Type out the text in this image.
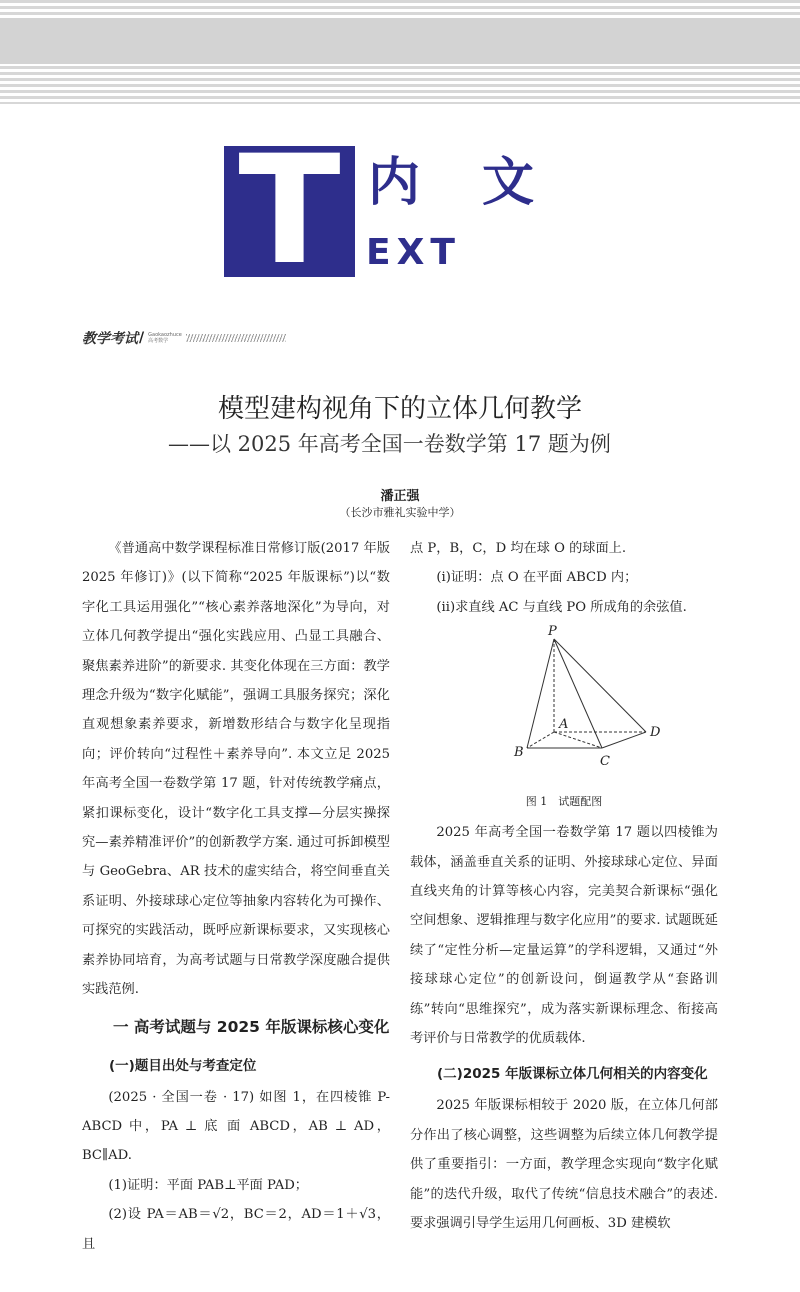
T 内文
EXT
教学考试 / Gaokaozhuce
高考数学
模型建构视角下的立体几何教学
——以 2025 年高考全国一卷数学第 17 题为例
潘正强
（长沙市雅礼实验中学）

《普通高中数学课程标准日常修订版(2017 年版 2025 年修订)》(以下简称“2025 年版课标”)以“数字化工具运用强化”“核心素养落地深化”为导向，对立体几何教学提出“强化实践应用、凸显工具融合、聚焦素养进阶”的新要求. 其变化体现在三方面：教学理念升级为“数字化赋能”，强调工具服务探究；深化直观想象素养要求，新增数形结合与数字化呈现指向；评价转向“过程性＋素养导向”. 本文立足 2025 年高考全国一卷数学第 17 题，针对传统教学痛点，紧扣课标变化，设计“数字化工具支撑—分层实操探究—素养精准评价”的创新教学方案. 通过可拆卸模型与 GeoGebra、AR 技术的虚实结合，将空间垂直关系证明、外接球球心定位等抽象内容转化为可操作、可探究的实践活动，既呼应新课标要求，又实现核心素养协同培育，为高考试题与日常教学深度融合提供实践范例.

一 高考试题与 2025 年版课标核心变化
(一)题目出处与考查定位

(2025 · 全国一卷 · 17) 如图 1，在四棱锥 P-ABCD 中，PA ⊥ 底 面 ABCD，AB ⊥ AD，BC∥AD.

(1)证明：平面 PAB⊥平面 PAD；

(2)设 PA＝AB＝√2，BC＝2，AD＝1＋√3，且

点 P，B，C，D 均在球 O 的球面上.

(ⅰ)证明：点 O 在平面 ABCD 内；

(ⅱ)求直线 AC 与直线 PO 所成角的余弦值.

P
A
B
C
D
图 1　试题配图

2025 年高考全国一卷数学第 17 题以四棱锥为载体，涵盖垂直关系的证明、外接球球心定位、异面直线夹角的计算等核心内容，完美契合新课标“强化空间想象、逻辑推理与数字化应用”的要求. 试题既延续了“定性分析—定量运算”的学科逻辑，又通过“外接球球心定位”的创新设问，倒逼教学从“套路训练”转向“思维探究”，成为落实新课标理念、衔接高考评价与日常教学的优质载体.

(二)2025 年版课标立体几何相关的内容变化

2025 年版课标相较于 2020 版，在立体几何部分作出了核心调整，这些调整为后续立体几何教学提供了重要指引：一方面，教学理念实现向“数字化赋能”的迭代升级，取代了传统“信息技术融合”的表述. 要求强调引导学生运用几何画板、3D 建模软
